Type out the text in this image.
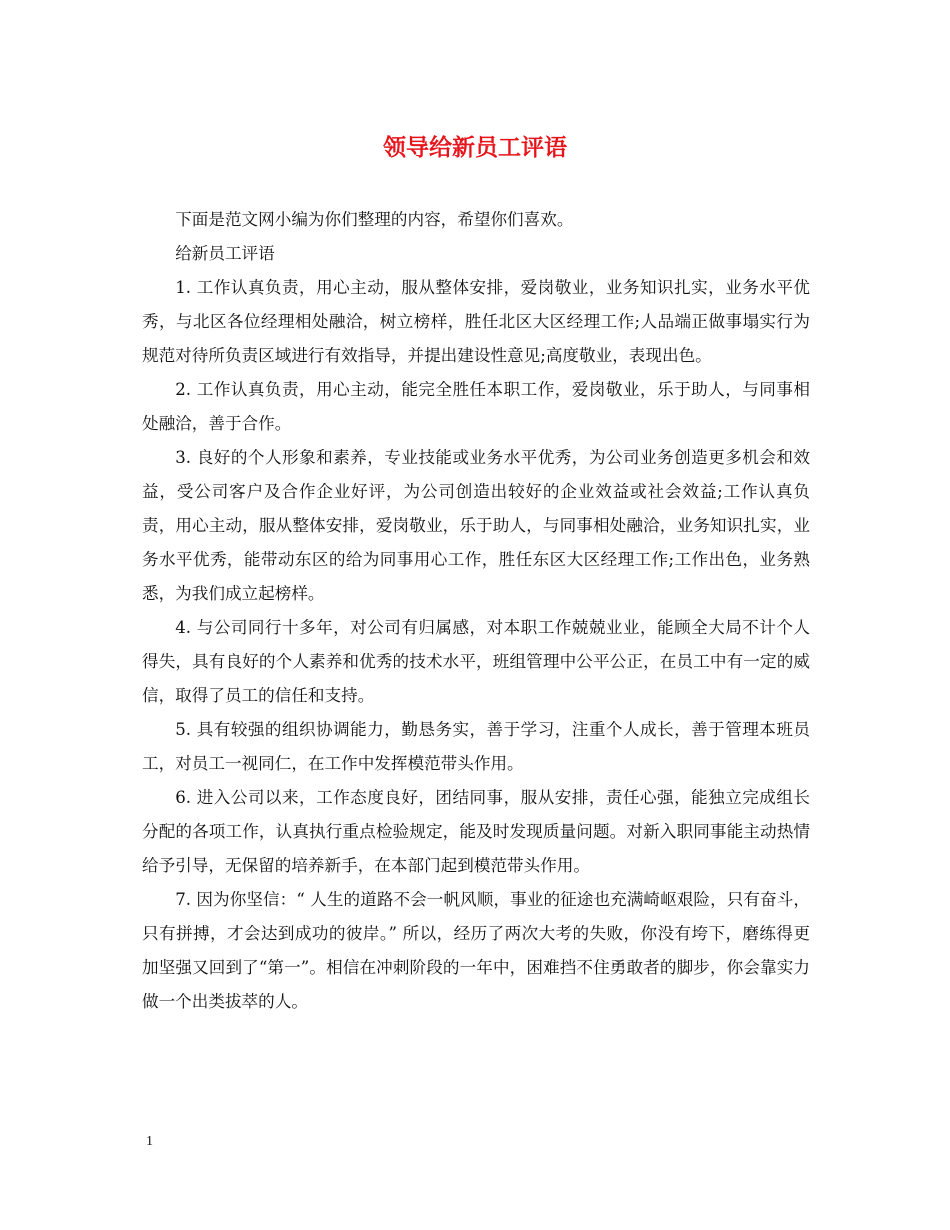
领导给新员工评语

下面是范文网小编为你们整理的内容，希望你们喜欢。

给新员工评语

1. 工作认真负责，用心主动，服从整体安排，爱岗敬业，业务知识扎实，业务水平优秀，与北区各位经理相处融洽，树立榜样，胜任北区大区经理工作;人品端正做事塌实行为规范对待所负责区域进行有效指导，并提出建设性意见;高度敬业，表现出色。

2. 工作认真负责，用心主动，能完全胜任本职工作，爱岗敬业，乐于助人，与同事相处融洽，善于合作。

3. 良好的个人形象和素养，专业技能或业务水平优秀，为公司业务创造更多机会和效益，受公司客户及合作企业好评，为公司创造出较好的企业效益或社会效益;工作认真负责，用心主动，服从整体安排，爱岗敬业，乐于助人，与同事相处融洽，业务知识扎实，业务水平优秀，能带动东区的给为同事用心工作，胜任东区大区经理工作;工作出色，业务熟悉，为我们成立起榜样。

4. 与公司同行十多年，对公司有归属感，对本职工作兢兢业业，能顾全大局不计个人得失，具有良好的个人素养和优秀的技术水平，班组管理中公平公正，在员工中有一定的威信，取得了员工的信任和支持。

5. 具有较强的组织协调能力，勤恳务实，善于学习，注重个人成长，善于管理本班员工，对员工一视同仁，在工作中发挥模范带头作用。

6. 进入公司以来，工作态度良好，团结同事，服从安排，责任心强，能独立完成组长分配的各项工作，认真执行重点检验规定，能及时发现质量问题。对新入职同事能主动热情给予引导，无保留的培养新手，在本部门起到模范带头作用。

7. 因为你坚信：“ 人生的道路不会一帆风顺，事业的征途也充满崎岖艰险，只有奋斗，只有拼搏，才会达到成功的彼岸。” 所以，经历了两次大考的失败，你没有垮下，磨练得更加坚强又回到了“第一”。相信在冲刺阶段的一年中，困难挡不住勇敢者的脚步，你会靠实力做一个出类拔萃的人。

1
